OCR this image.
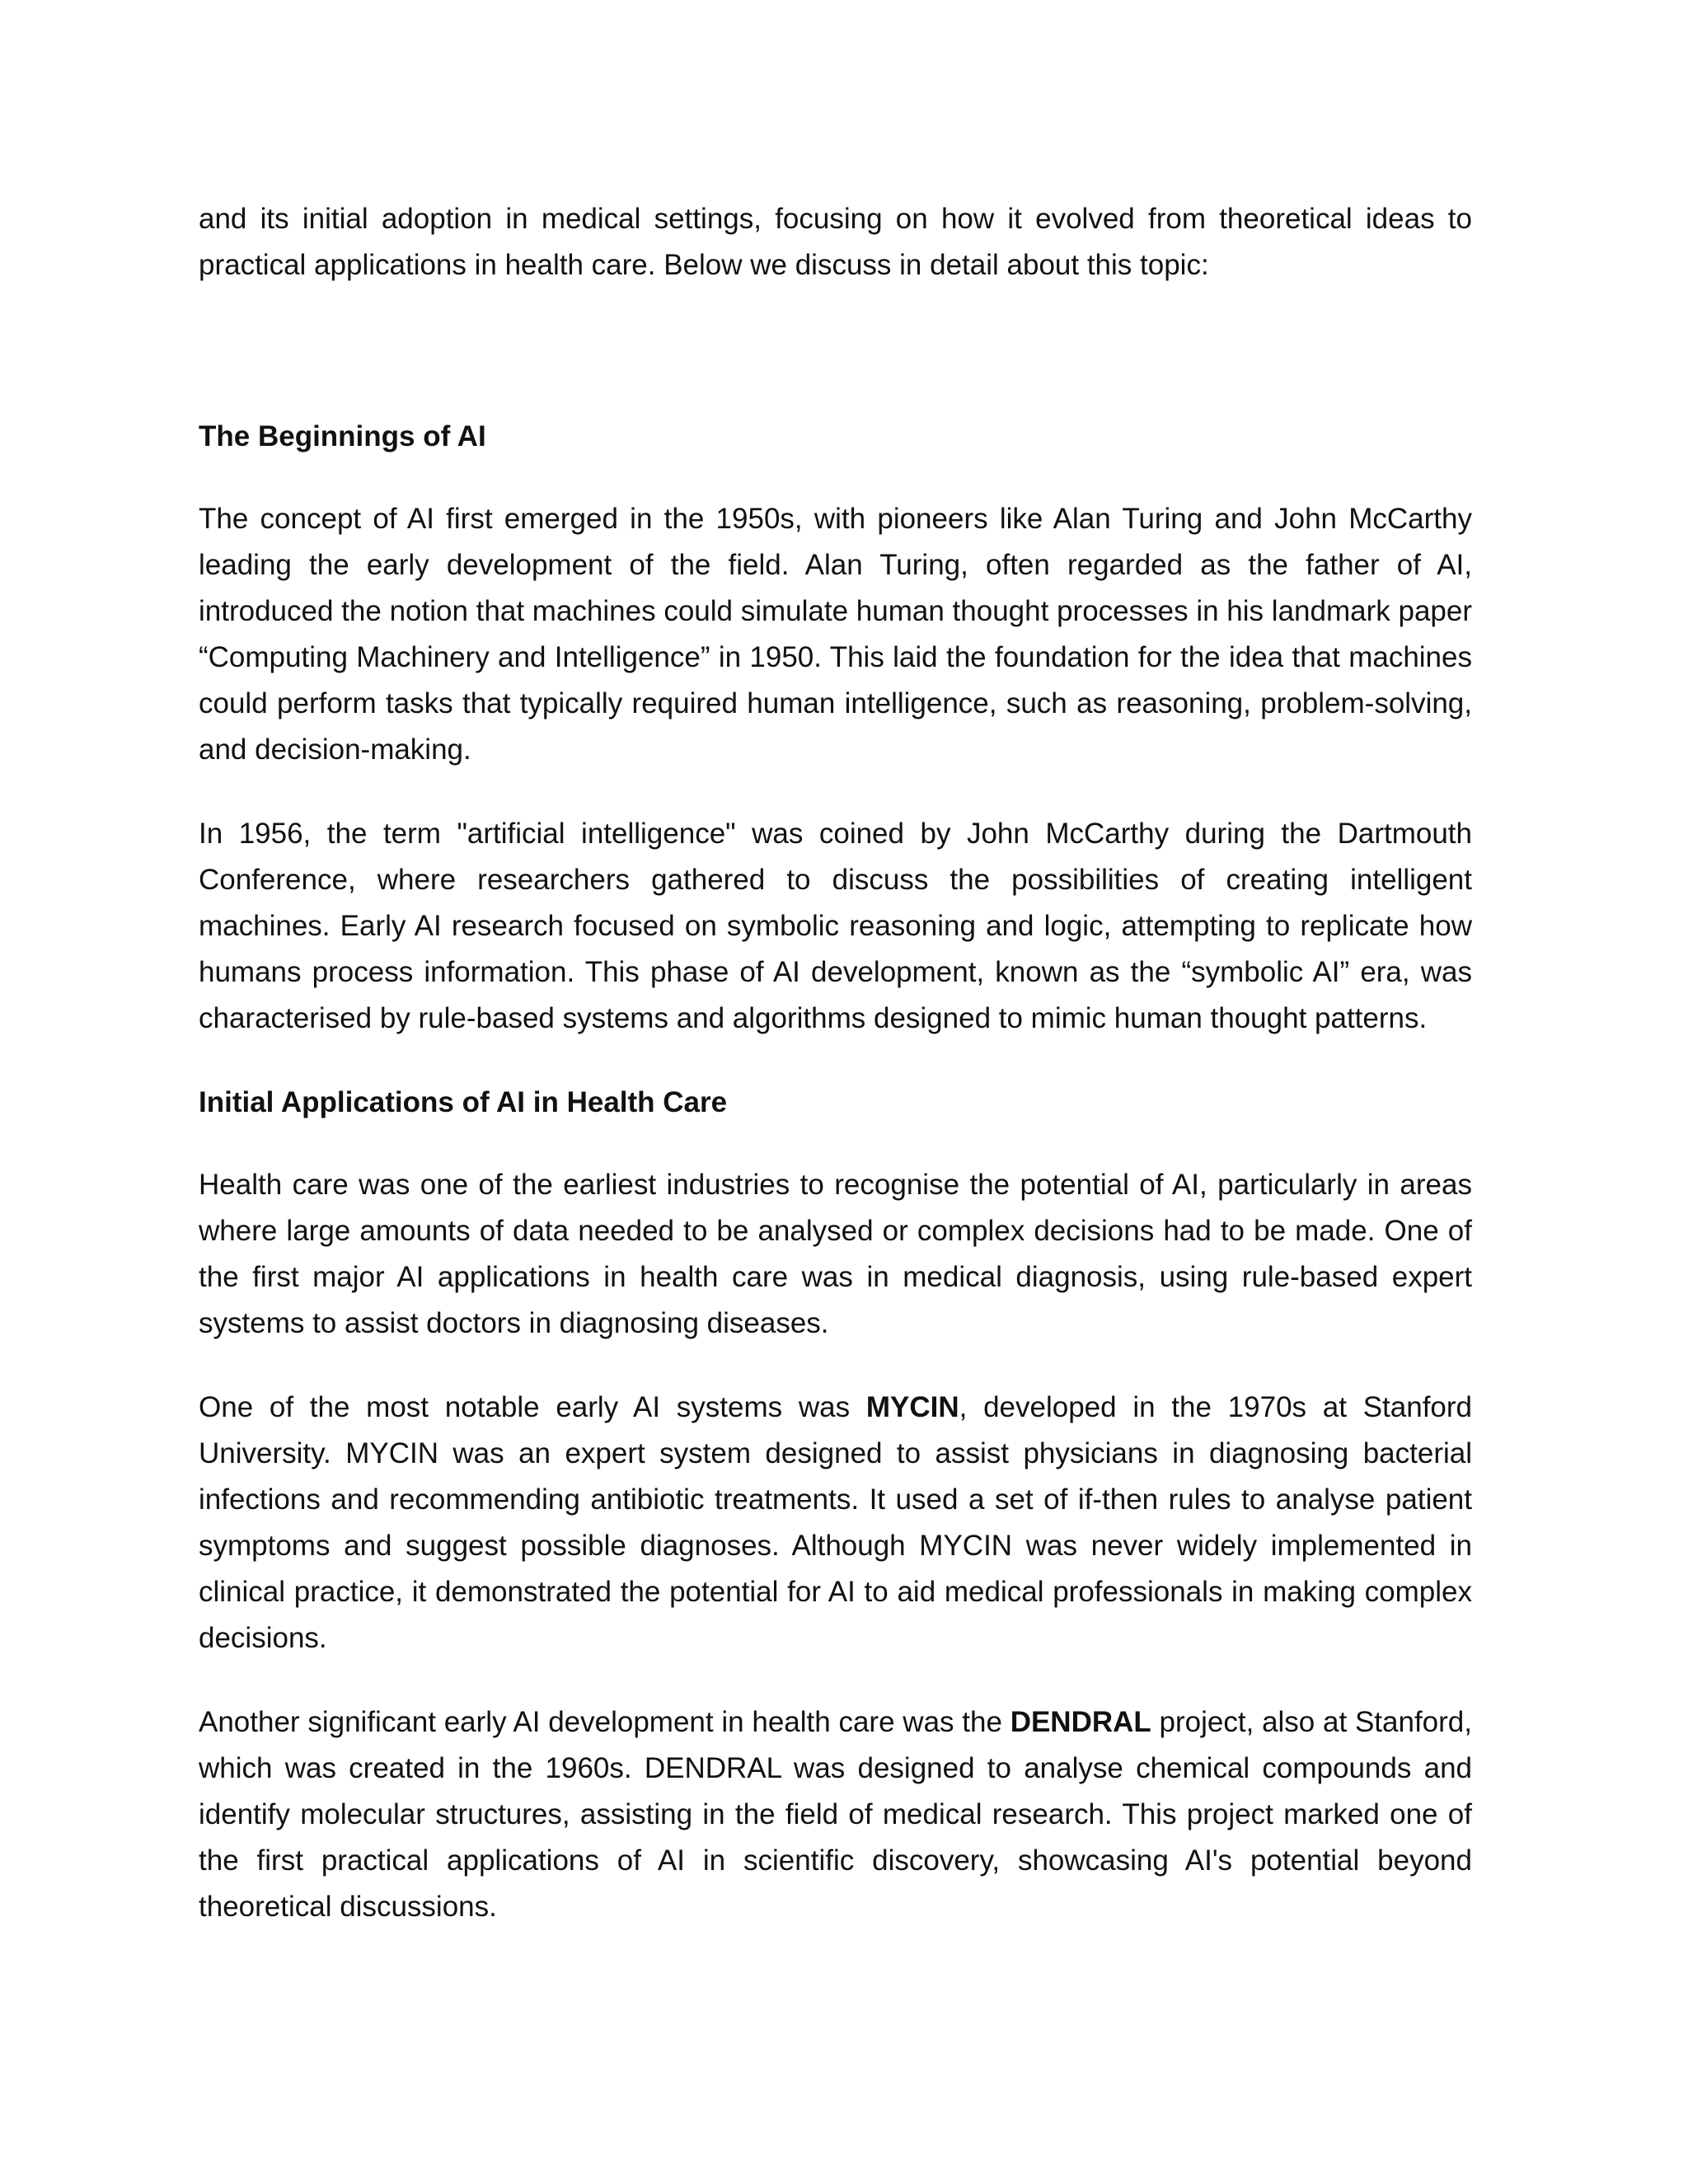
and its initial adoption in medical settings, focusing on how it evolved from theoretical ideas to practical applications in health care. Below we discuss in detail about this topic:

The Beginnings of AI

The concept of AI first emerged in the 1950s, with pioneers like Alan Turing and John McCarthy leading the early development of the field. Alan Turing, often regarded as the father of AI, introduced the notion that machines could simulate human thought processes in his landmark paper “Computing Machinery and Intelligence” in 1950. This laid the foundation for the idea that machines could perform tasks that typically required human intelligence, such as reasoning, problem-solving, and decision-making.

In 1956, the term "artificial intelligence" was coined by John McCarthy during the Dartmouth Conference, where researchers gathered to discuss the possibilities of creating intelligent machines. Early AI research focused on symbolic reasoning and logic, attempting to replicate how humans process information. This phase of AI development, known as the “symbolic AI” era, was characterised by rule-based systems and algorithms designed to mimic human thought patterns.

Initial Applications of AI in Health Care

Health care was one of the earliest industries to recognise the potential of AI, particularly in areas where large amounts of data needed to be analysed or complex decisions had to be made. One of the first major AI applications in health care was in medical diagnosis, using rule-based expert systems to assist doctors in diagnosing diseases.

One of the most notable early AI systems was MYCIN, developed in the 1970s at Stanford University. MYCIN was an expert system designed to assist physicians in diagnosing bacterial infections and recommending antibiotic treatments. It used a set of if-then rules to analyse patient symptoms and suggest possible diagnoses. Although MYCIN was never widely implemented in clinical practice, it demonstrated the potential for AI to aid medical professionals in making complex decisions.

Another significant early AI development in health care was the DENDRAL project, also at Stanford, which was created in the 1960s. DENDRAL was designed to analyse chemical compounds and identify molecular structures, assisting in the field of medical research. This project marked one of the first practical applications of AI in scientific discovery, showcasing AI's potential beyond theoretical discussions.
